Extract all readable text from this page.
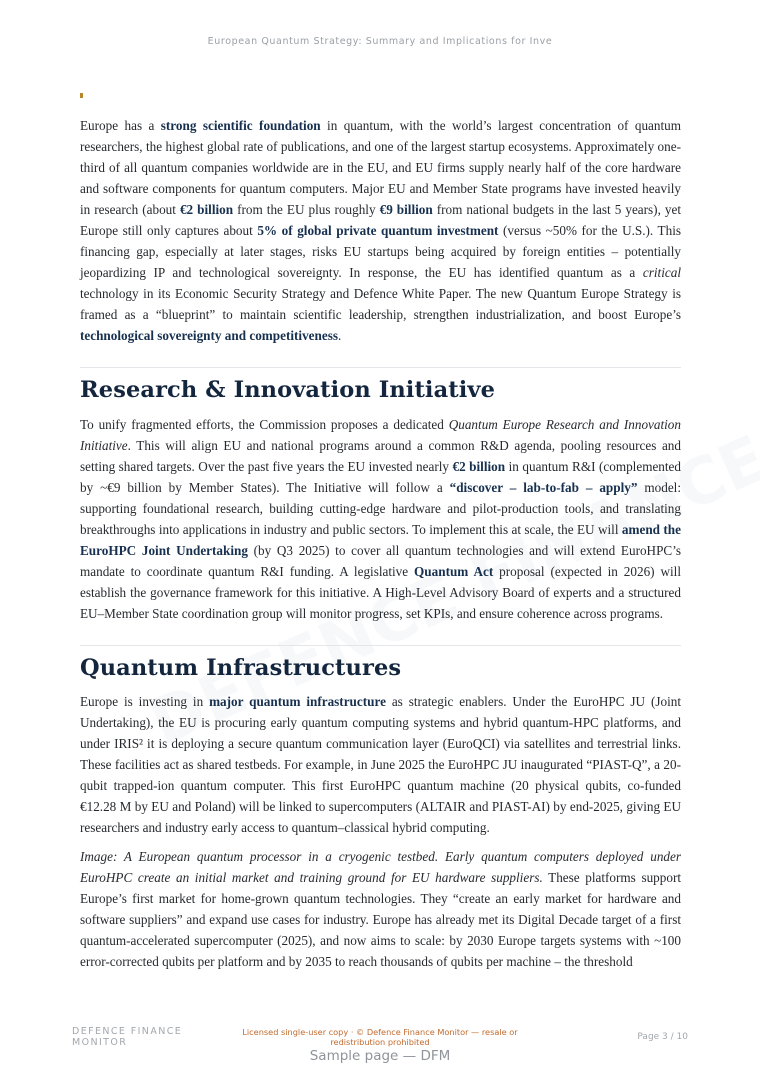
European Quantum Strategy: Summary and Implications for Inve

Europe has a strong scientific foundation in quantum, with the world’s largest concentration of quantum researchers, the highest global rate of publications, and one of the largest startup ecosystems. Approximately one-third of all quantum companies worldwide are in the EU, and EU firms supply nearly half of the core hardware and software components for quantum computers. Major EU and Member State programs have invested heavily in research (about €2 billion from the EU plus roughly €9 billion from national budgets in the last 5 years), yet Europe still only captures about 5% of global private quantum investment (versus ~50% for the U.S.). This financing gap, especially at later stages, risks EU startups being acquired by foreign entities – potentially jeopardizing IP and technological sovereignty. In response, the EU has identified quantum as a critical technology in its Economic Security Strategy and Defence White Paper. The new Quantum Europe Strategy is framed as a “blueprint” to maintain scientific leadership, strengthen industrialization, and boost Europe’s technological sovereignty and competitiveness.

Research & Innovation Initiative

To unify fragmented efforts, the Commission proposes a dedicated Quantum Europe Research and Innovation Initiative. This will align EU and national programs around a common R&D agenda, pooling resources and setting shared targets. Over the past five years the EU invested nearly €2 billion in quantum R&I (complemented by ~€9 billion by Member States). The Initiative will follow a “discover – lab-to-fab – apply” model: supporting foundational research, building cutting-edge hardware and pilot-production tools, and translating breakthroughs into applications in industry and public sectors. To implement this at scale, the EU will amend the EuroHPC Joint Undertaking (by Q3 2025) to cover all quantum technologies and will extend EuroHPC’s mandate to coordinate quantum R&I funding. A legislative Quantum Act proposal (expected in 2026) will establish the governance framework for this initiative. A High-Level Advisory Board of experts and a structured EU–Member State coordination group will monitor progress, set KPIs, and ensure coherence across programs.

Quantum Infrastructures

Europe is investing in major quantum infrastructure as strategic enablers. Under the EuroHPC JU (Joint Undertaking), the EU is procuring early quantum computing systems and hybrid quantum-HPC platforms, and under IRIS² it is deploying a secure quantum communication layer (EuroQCI) via satellites and terrestrial links. These facilities act as shared testbeds. For example, in June 2025 the EuroHPC JU inaugurated “PIAST-Q”, a 20-qubit trapped-ion quantum computer. This first EuroHPC quantum machine (20 physical qubits, co-funded €12.28 M by EU and Poland) will be linked to supercomputers (ALTAIR and PIAST-AI) by end-2025, giving EU researchers and industry early access to quantum–classical hybrid computing.

Image: A European quantum processor in a cryogenic testbed. Early quantum computers deployed under EuroHPC create an initial market and training ground for EU hardware suppliers. These platforms support Europe’s first market for home-grown quantum technologies. They “create an early market for hardware and software suppliers” and expand use cases for industry. Europe has already met its Digital Decade target of a first quantum-accelerated supercomputer (2025), and now aims to scale: by 2030 Europe targets systems with ~100 error-corrected qubits per platform and by 2035 to reach thousands of qubits per machine – the threshold

DEFENCE FINANCE
MONITOR
Licensed single-user copy · © Defence Finance Monitor — resale or redistribution prohibited	Page 3 / 10
Sample page — DFM
